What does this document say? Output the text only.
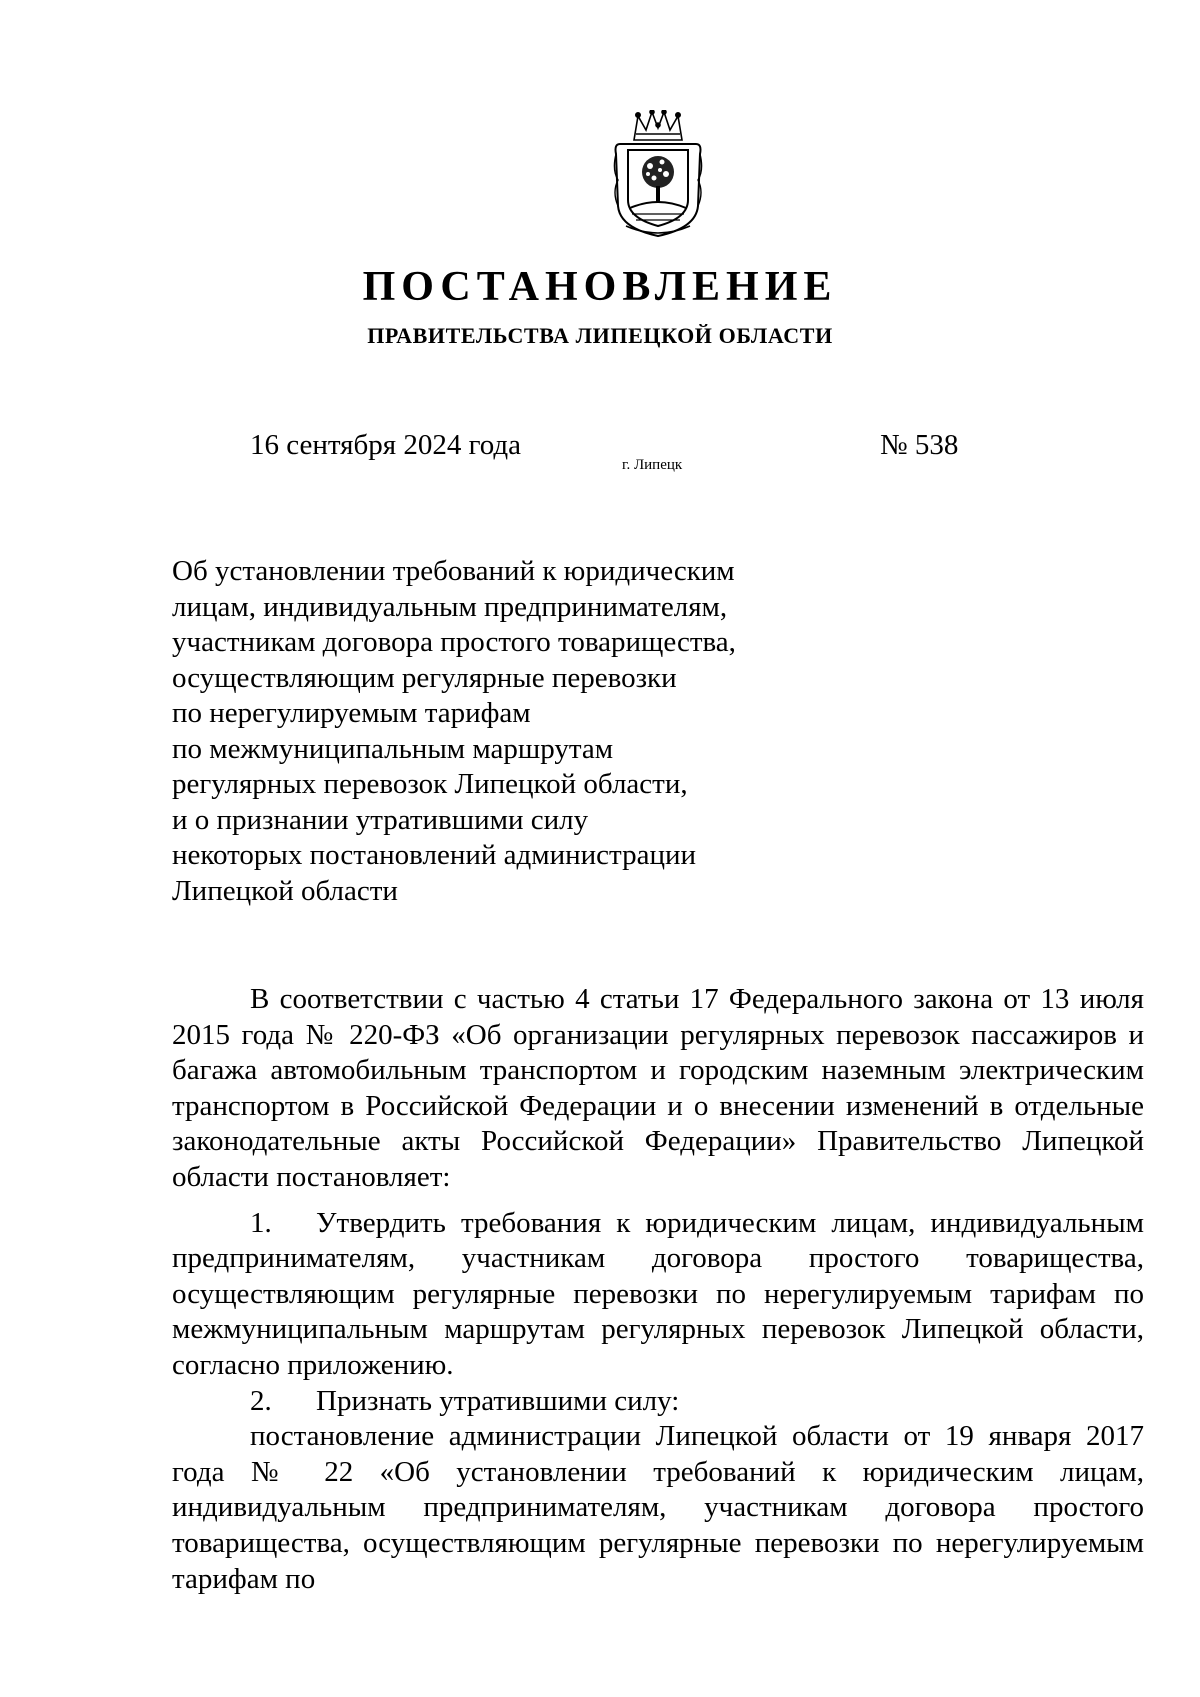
ПОСТАНОВЛЕНИЕ
ПРАВИТЕЛЬСТВА ЛИПЕЦКОЙ ОБЛАСТИ
16 сентября 2024 года
г. Липецк
№ 538
Об установлении требований к юридическим
лицам, индивидуальным предпринимателям,
участникам договора простого товарищества,
осуществляющим регулярные перевозки
по нерегулируемым тарифам
по межмуниципальным маршрутам
регулярных перевозок Липецкой области,
и о признании утратившими силу
некоторых постановлений администрации
Липецкой области

В соответствии с частью 4 статьи 17 Федерального закона от 13 июля 2015 года № 220-ФЗ «Об организации регулярных перевозок пассажиров и багажа автомобильным транспортом и городским наземным электрическим транспортом в Российской Федерации и о внесении изменений в отдельные законодательные акты Российской Федерации» Правительство Липецкой области постановляет:

1. Утвердить требования к юридическим лицам, индивидуальным предпринимателям, участникам договора простого товарищества, осуществляющим регулярные перевозки по нерегулируемым тарифам по межмуниципальным маршрутам регулярных перевозок Липецкой области, согласно приложению.

2. Признать утратившими силу:

постановление администрации Липецкой области от 19 января 2017 года № 22 «Об установлении требований к юридическим лицам, индивидуальным предпринимателям, участникам договора простого товарищества, осуществляющим регулярные перевозки по нерегулируемым тарифам по
